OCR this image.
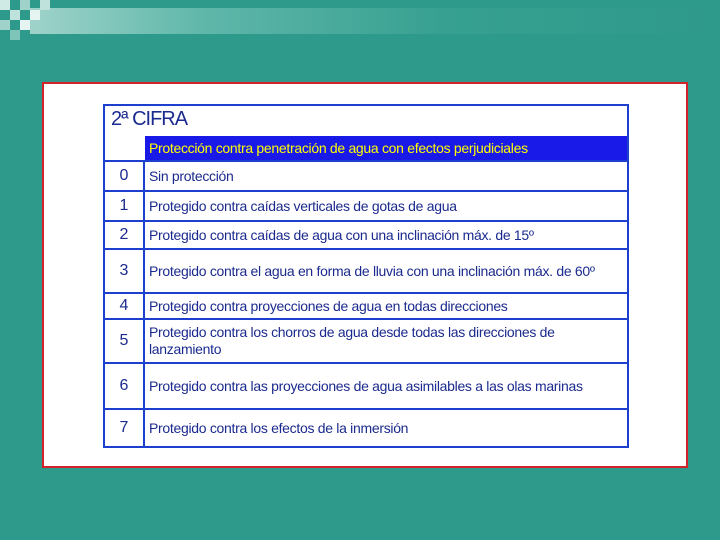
2ª CIFRA
Protección contra penetración de agua con efectos perjudiciales
0	Sin protección
1	Protegido contra caídas verticales de gotas de agua
2	Protegido contra caídas de agua con una inclinación máx. de 15º
3	Protegido contra el agua en forma de lluvia con una inclinación máx. de 60º
4	Protegido contra proyecciones de agua en todas direcciones
5	Protegido contra los chorros de agua desde todas las direcciones de lanzamiento
6	Protegido contra las proyecciones de agua asimilables a las olas marinas
7	Protegido contra los efectos de la inmersión
